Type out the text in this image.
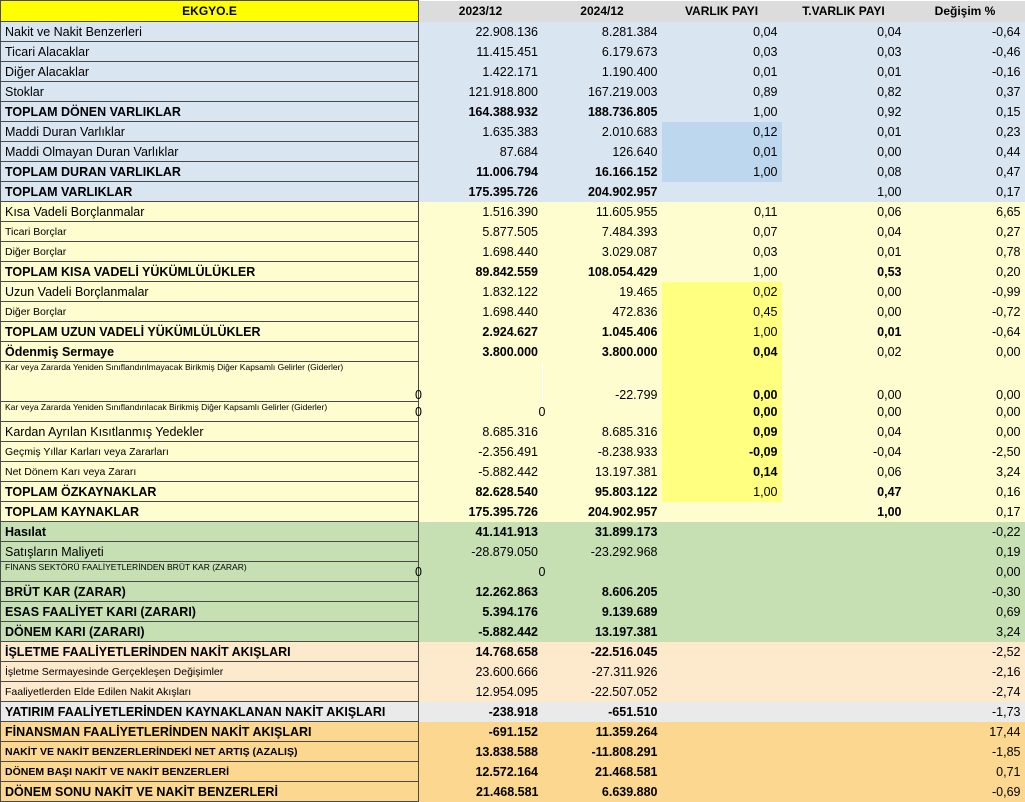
EKGYO.E	2023/12	2024/12	VARLIK PAYI	T.VARLIK PAYI	Değişim %
Nakit ve Nakit Benzerleri	22.908.136	8.281.384	0,04	0,04	-0,64
Ticari Alacaklar	11.415.451	6.179.673	0,03	0,03	-0,46
Diğer Alacaklar	1.422.171	1.190.400	0,01	0,01	-0,16
Stoklar	121.918.800	167.219.003	0,89	0,82	0,37
TOPLAM DÖNEN VARLIKLAR	164.388.932	188.736.805	1,00	0,92	0,15
Maddi Duran Varlıklar	1.635.383	2.010.683	0,12	0,01	0,23
Maddi Olmayan Duran Varlıklar	87.684	126.640	0,01	0,00	0,44
TOPLAM DURAN VARLIKLAR	11.006.794	16.166.152	1,00	0,08	0,47
TOPLAM VARLIKLAR	175.395.726	204.902.957		1,00	0,17
Kısa Vadeli Borçlanmalar	1.516.390	11.605.955	0,11	0,06	6,65
Ticari Borçlar	5.877.505	7.484.393	0,07	0,04	0,27
Diğer Borçlar	1.698.440	3.029.087	0,03	0,01	0,78
TOPLAM KISA VADELİ YÜKÜMLÜLÜKLER	89.842.559	108.054.429	1,00	0,53	0,20
Uzun Vadeli Borçlanmalar	1.832.122	19.465	0,02	0,00	-0,99
Diğer Borçlar	1.698.440	472.836	0,45	0,00	-0,72
TOPLAM UZUN VADELİ YÜKÜMLÜLÜKLER	2.924.627	1.045.406	1,00	0,01	-0,64
Ödenmiş Sermaye	3.800.000	3.800.000	0,04	0,02	0,00

Kar veya Zararda Yeniden Sınıflandırılmayacak Birikmiş Diğer Kapsamlı Gelirler (Giderler)	0	-22.799	0,00	0,00	0,00

Kar veya Zararda Yeniden Sınıflandırılacak Birikmiş Diğer Kapsamlı Gelirler (Giderler)	0	0	0,00	0,00	0,00
Kardan Ayrılan Kısıtlanmış Yedekler	8.685.316	8.685.316	0,09	0,04	0,00
Geçmiş Yıllar Karları veya Zararları	-2.356.491	-8.238.933	-0,09	-0,04	-2,50
Net Dönem Karı veya Zararı	-5.882.442	13.197.381	0,14	0,06	3,24
TOPLAM ÖZKAYNAKLAR	82.628.540	95.803.122	1,00	0,47	0,16
TOPLAM KAYNAKLAR	175.395.726	204.902.957		1,00	0,17
Hasılat	41.141.913	31.899.173			-0,22
Satışların Maliyeti	-28.879.050	-23.292.968			0,19

FİNANS SEKTÖRÜ FAALİYETLERİNDEN BRÜT KAR (ZARAR)	0	0			0,00
BRÜT KAR (ZARAR)	12.262.863	8.606.205			-0,30
ESAS FAALİYET KARI (ZARARI)	5.394.176	9.139.689			0,69
DÖNEM KARI (ZARARI)	-5.882.442	13.197.381			3,24
İŞLETME FAALİYETLERİNDEN NAKİT AKIŞLARI	14.768.658	-22.516.045			-2,52
İşletme Sermayesinde Gerçekleşen Değişimler	23.600.666	-27.311.926			-2,16
Faaliyetlerden Elde Edilen Nakit Akışları	12.954.095	-22.507.052			-2,74
YATIRIM FAALİYETLERİNDEN KAYNAKLANAN NAKİT AKIŞLARI	-238.918	-651.510			-1,73
FİNANSMAN FAALİYETLERİNDEN NAKİT AKIŞLARI	-691.152	11.359.264			17,44
NAKİT VE NAKİT BENZERLERİNDEKİ NET ARTIŞ (AZALIŞ)	13.838.588	-11.808.291			-1,85
DÖNEM BAŞI NAKİT VE NAKİT BENZERLERİ	12.572.164	21.468.581			0,71
DÖNEM SONU NAKİT VE NAKİT BENZERLERİ	21.468.581	6.639.880			-0,69
